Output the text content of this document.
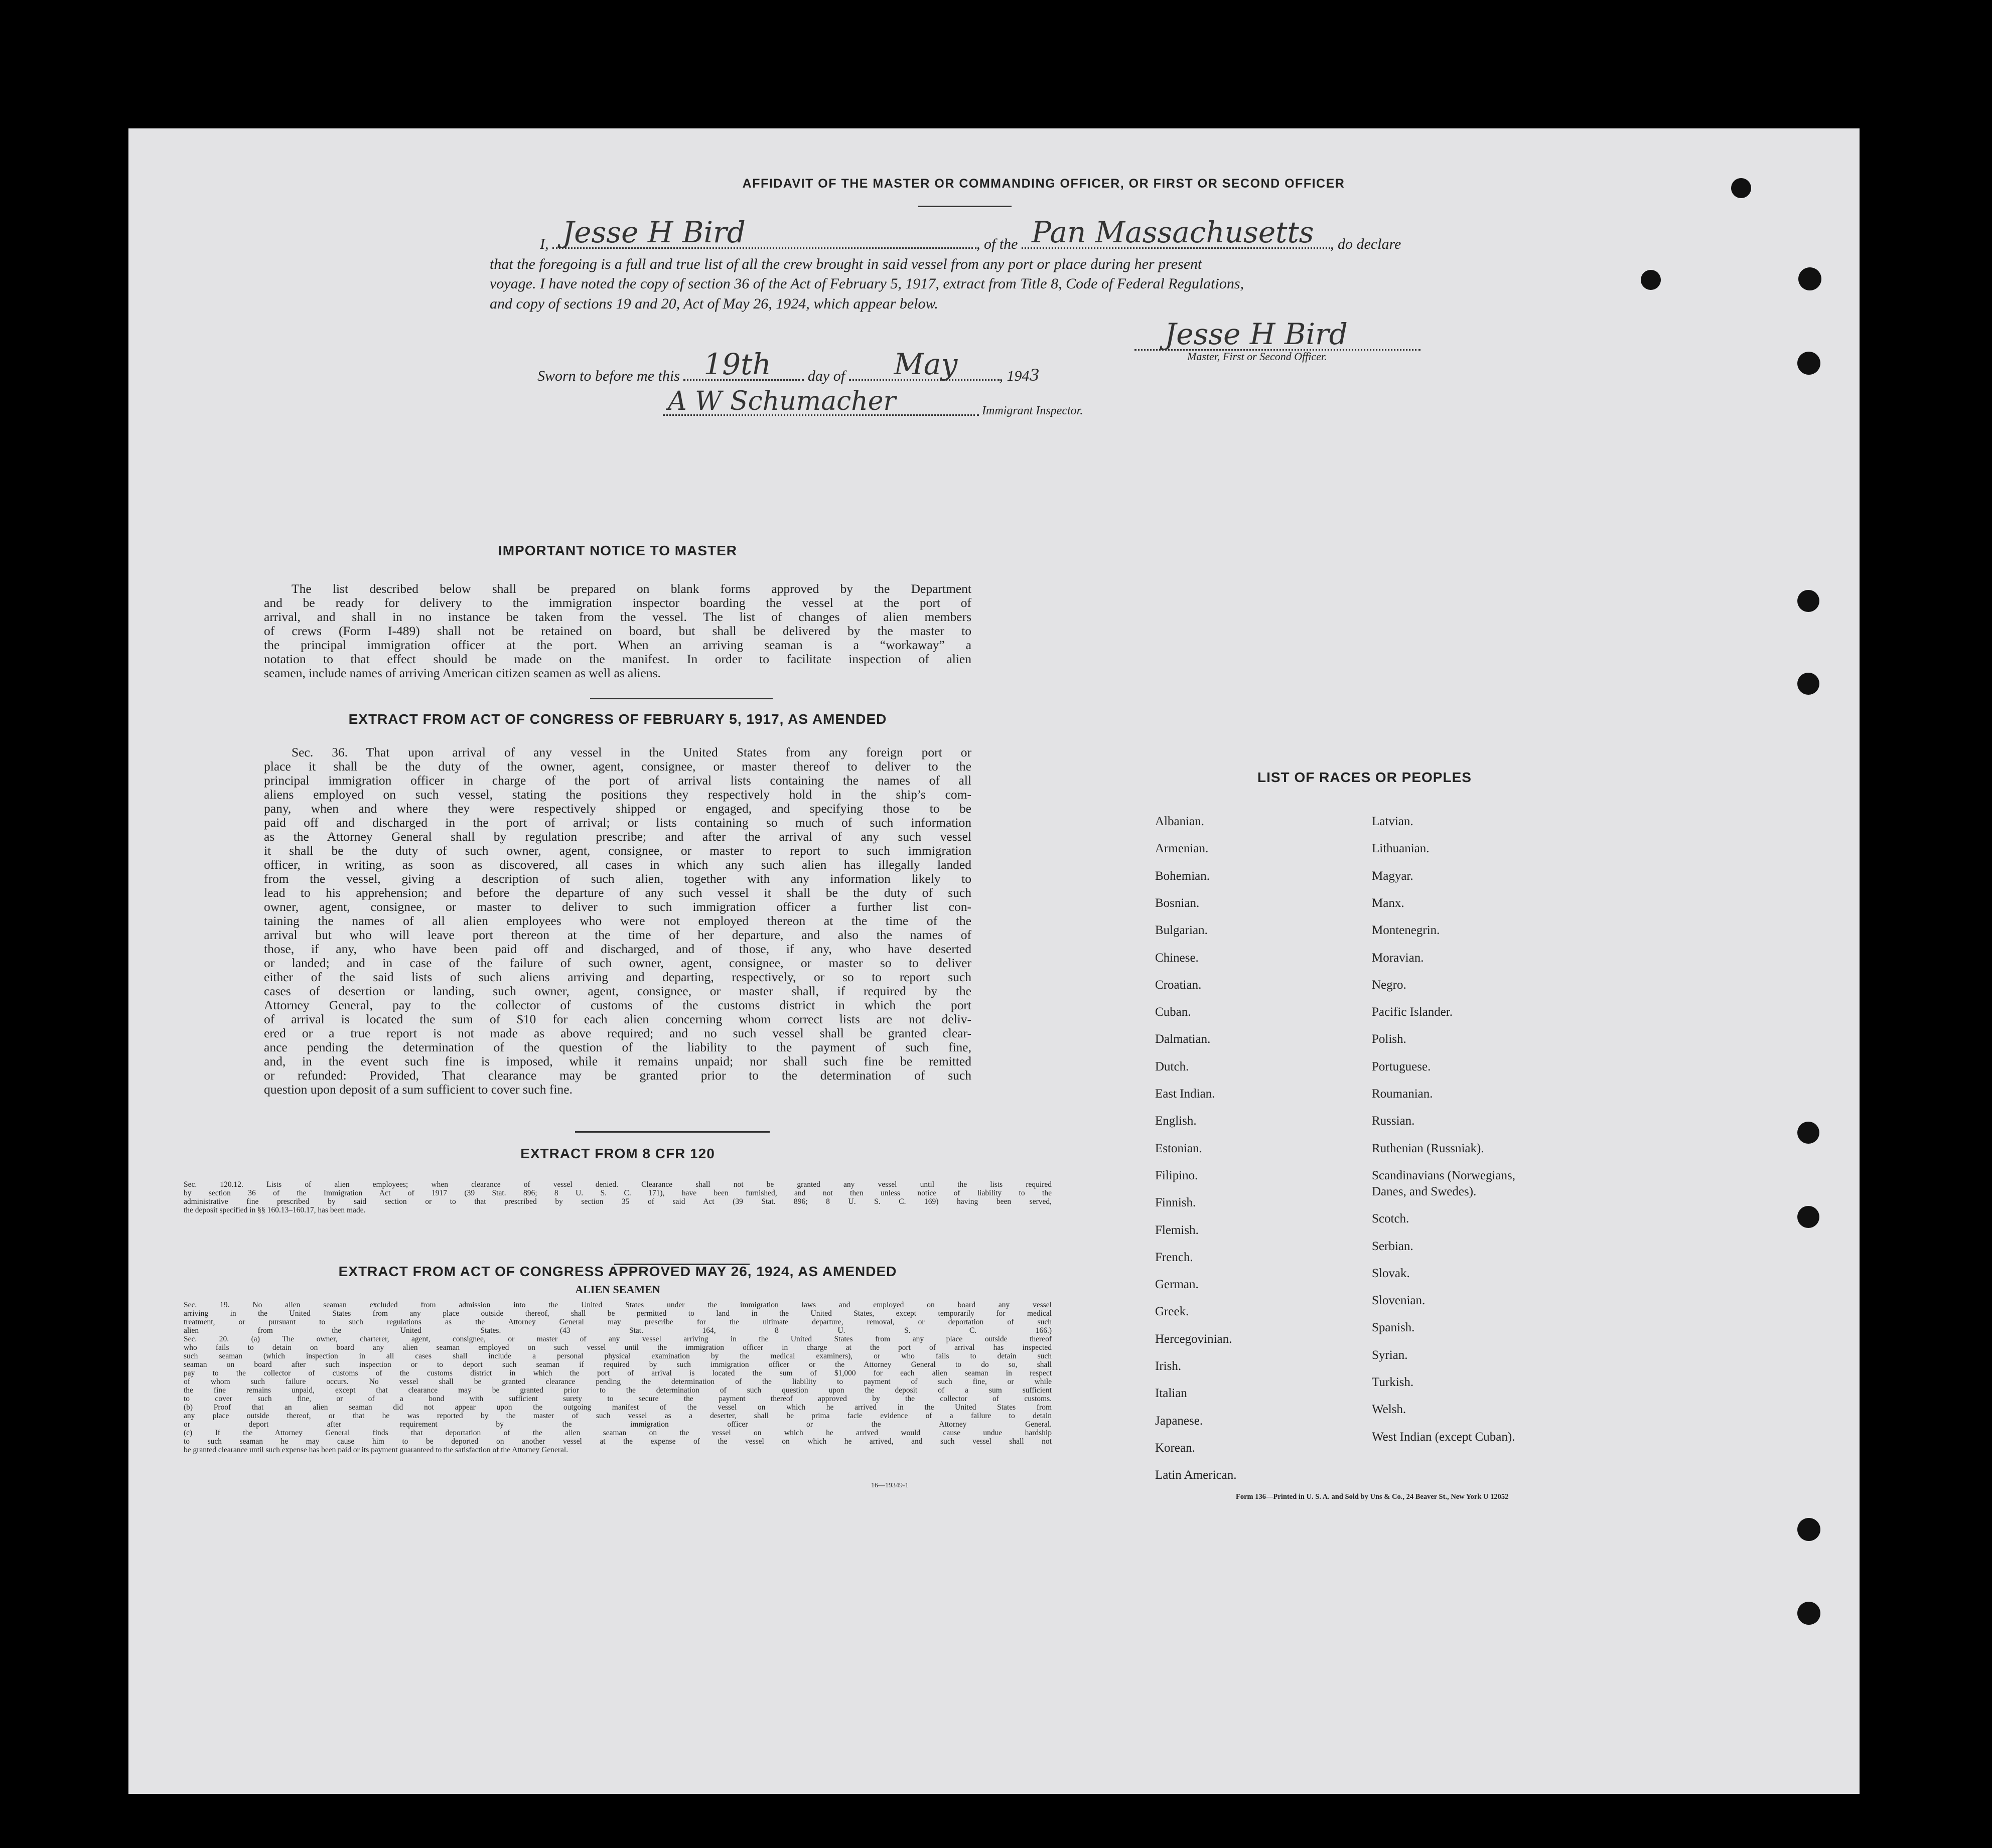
AFFIDAVIT OF THE MASTER OR COMMANDING OFFICER, OR FIRST OR SECOND OFFICER
I, Jesse H Bird	, of the Pan Massachusetts , do declare
that the foregoing is a full and true list of all the crew brought in said vessel from any port or place during her present
voyage. I have noted the copy of section 36 of the Act of February 5, 1917, extract from Title 8, Code of Federal Regulations,
and copy of sections 19 and 20, Act of May 26, 1924, which appear below.
Jesse H Bird
Master, First or Second Officer.
Sworn to before me this 19th day of May	, 1943
A W Schumacher	Immigrant Inspector.
IMPORTANT NOTICE TO MASTER
The list described below shall be prepared on blank forms approved by the Department
and be ready for delivery to the immigration inspector boarding the vessel at the port of
arrival, and shall in no instance be taken from the vessel. The list of changes of alien members
of crews (Form I-489) shall not be retained on board, but shall be delivered by the master to
the principal immigration officer at the port. When an arriving seaman is a “workaway” a
notation to that effect should be made on the manifest. In order to facilitate inspection of alien
seamen, include names of arriving American citizen seamen as well as aliens.
EXTRACT FROM ACT OF CONGRESS OF FEBRUARY 5, 1917, AS AMENDED
Sec. 36. That upon arrival of any vessel in the United States from any foreign port or
place it shall be the duty of the owner, agent, consignee, or master thereof to deliver to the
principal immigration officer in charge of the port of arrival lists containing the names of all
aliens employed on such vessel, stating the positions they respectively hold in the ship’s com-
pany, when and where they were respectively shipped or engaged, and specifying those to be
paid off and discharged in the port of arrival; or lists containing so much of such information
as the Attorney General shall by regulation prescribe; and after the arrival of any such vessel
it shall be the duty of such owner, agent, consignee, or master to report to such immigration
officer, in writing, as soon as discovered, all cases in which any such alien has illegally landed
from the vessel, giving a description of such alien, together with any information likely to
lead to his apprehension; and before the departure of any such vessel it shall be the duty of such
owner, agent, consignee, or master to deliver to such immigration officer a further list con-
taining the names of all alien employees who were not employed thereon at the time of the
arrival but who will leave port thereon at the time of her departure, and also the names of
those, if any, who have been paid off and discharged, and of those, if any, who have deserted
or landed; and in case of the failure of such owner, agent, consignee, or master so to deliver
either of the said lists of such aliens arriving and departing, respectively, or so to report such
cases of desertion or landing, such owner, agent, consignee, or master shall, if required by the
Attorney General, pay to the collector of customs of the customs district in which the port
of arrival is located the sum of $10 for each alien concerning whom correct lists are not deliv-
ered or a true report is not made as above required; and no such vessel shall be granted clear-
ance pending the determination of the question of the liability to the payment of such fine,
and, in the event such fine is imposed, while it remains unpaid; nor shall such fine be remitted
or refunded: Provided, That clearance may be granted prior to the determination of such
question upon deposit of a sum sufficient to cover such fine.
EXTRACT FROM 8 CFR 120
Sec. 120.12. Lists of alien employees; when clearance of vessel denied. Clearance shall not be granted any vessel until the lists required
by section 36 of the Immigration Act of 1917 (39 Stat. 896; 8 U. S. C. 171), have been furnished, and not then unless notice of liability to the
administrative fine prescribed by said section or to that prescribed by section 35 of said Act (39 Stat. 896; 8 U. S. C. 169) having been served,
the deposit specified in §§ 160.13–160.17, has been made.
EXTRACT FROM ACT OF CONGRESS APPROVED MAY 26, 1924, AS AMENDED
ALIEN SEAMEN
Sec. 19. No alien seaman excluded from admission into the United States under the immigration laws and employed on board any vessel
arriving in the United States from any place outside thereof, shall be permitted to land in the United States, except temporarily for medical
treatment, or pursuant to such regulations as the Attorney General may prescribe for the ultimate departure, removal, or deportation of such
alien from the United States. (43 Stat. 164, 8 U. S. C. 166.)
Sec. 20. (a) The owner, charterer, agent, consignee, or master of any vessel arriving in the United States from any place outside thereof
who fails to detain on board any alien seaman employed on such vessel until the immigration officer in charge at the port of arrival has inspected
such seaman (which inspection in all cases shall include a personal physical examination by the medical examiners), or who fails to detain such
seaman on board after such inspection or to deport such seaman if required by such immigration officer or the Attorney General to do so, shall
pay to the collector of customs of the customs district in which the port of arrival is located the sum of $1,000 for each alien seaman in respect
of whom such failure occurs. No vessel shall be granted clearance pending the determination of the liability to payment of such fine, or while
the fine remains unpaid, except that clearance may be granted prior to the determination of such question upon the deposit of a sum sufficient
to cover such fine, or of a bond with sufficient surety to secure the payment thereof approved by the collector of customs.
(b) Proof that an alien seaman did not appear upon the outgoing manifest of the vessel on which he arrived in the United States from
any place outside thereof, or that he was reported by the master of such vessel as a deserter, shall be prima facie evidence of a failure to detain
or deport after requirement by the immigration officer or the Attorney General.
(c) If the Attorney General finds that deportation of the alien seaman on the vessel on which he arrived would cause undue hardship
to such seaman he may cause him to be deported on another vessel at the expense of the vessel on which he arrived, and such vessel shall not
be granted clearance until such expense has been paid or its payment guaranteed to the satisfaction of the Attorney General.
16—19349-1
LIST OF RACES OR PEOPLES
Albanian.
Armenian.
Bohemian.
Bosnian.
Bulgarian.
Chinese.
Croatian.
Cuban.
Dalmatian.
Dutch.
East Indian.
English.
Estonian.
Filipino.
Finnish.
Flemish.
French.
German.
Greek.
Hercegovinian.
Irish.
Italian
Japanese.
Korean.
Latin American.
Latvian.
Lithuanian.
Magyar.
Manx.
Montenegrin.
Moravian.
Negro.
Pacific Islander.
Polish.
Portuguese.
Roumanian.
Russian.
Ruthenian (Russniak).
Scandinavians (Norwegians,
Danes, and Swedes).
Scotch.
Serbian.
Slovak.
Slovenian.
Spanish.
Syrian.
Turkish.
Welsh.
West Indian (except Cuban).
Form 136—Printed in U. S. A. and Sold by Uns & Co., 24 Beaver St., New York U 12052
